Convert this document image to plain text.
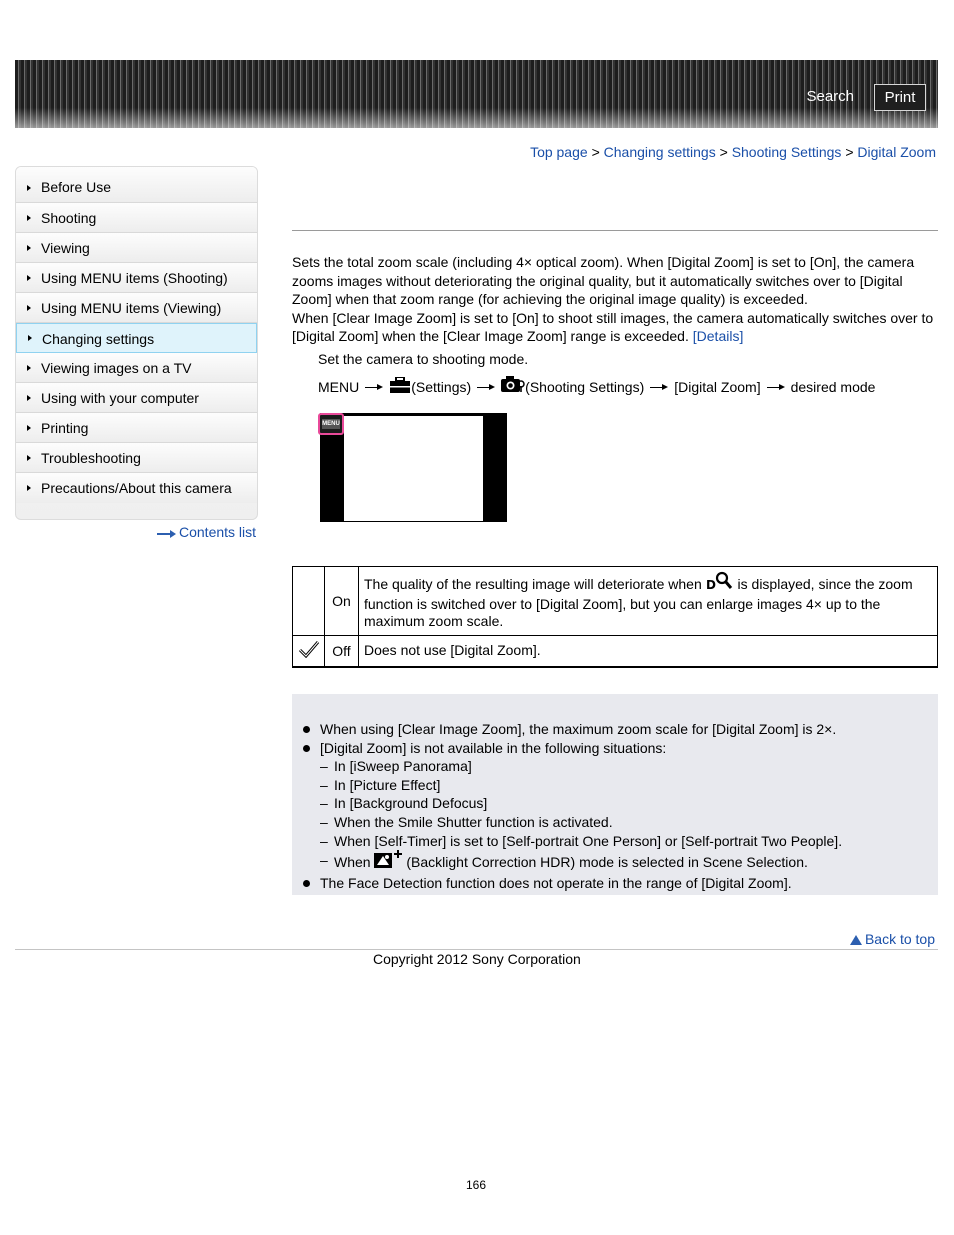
Search	Print
Top page > Changing settings > Shooting Settings > Digital Zoom
Before Use
Shooting
Viewing
Using MENU items (Shooting)
Using MENU items (Viewing)
Changing settings
Viewing images on a TV
Using with your computer
Printing
Troubleshooting
Precautions/About this camera
Contents list
Sets the total zoom scale (including 4× optical zoom). When [Digital Zoom] is set to [On], the camera zooms images without deteriorating the original quality, but it automatically switches over to [Digital Zoom] when that zoom range (for achieving the original image quality) is exceeded.
When [Clear Image Zoom] is set to [On] to shoot still images, the camera automatically switches over to [Digital Zoom] when the [Clear Image Zoom] range is exceeded. [Details]
Set the camera to shooting mode.
MENU	(Settings)	(Shooting Settings) [Digital Zoom] desired mode
MENU
	On	The quality of the resulting image will deteriorate when D is displayed, since the zoom function is switched over to [Digital Zoom], but you can enlarge images 4× up to the maximum zoom scale.
	Off	Does not use [Digital Zoom].
When using [Clear Image Zoom], the maximum zoom scale for [Digital Zoom] is 2×.
[Digital Zoom] is not available in the following situations:
– In [iSweep Panorama]
– In [Picture Effect]
– In [Background Defocus]
– When the Smile Shutter function is activated.
– When [Self-Timer] is set to [Self-portrait One Person] or [Self-portrait Two People].
– When	(Backlight Correction HDR) mode is selected in Scene Selection.
The Face Detection function does not operate in the range of [Digital Zoom].
Back to top
Copyright 2012 Sony Corporation
166
